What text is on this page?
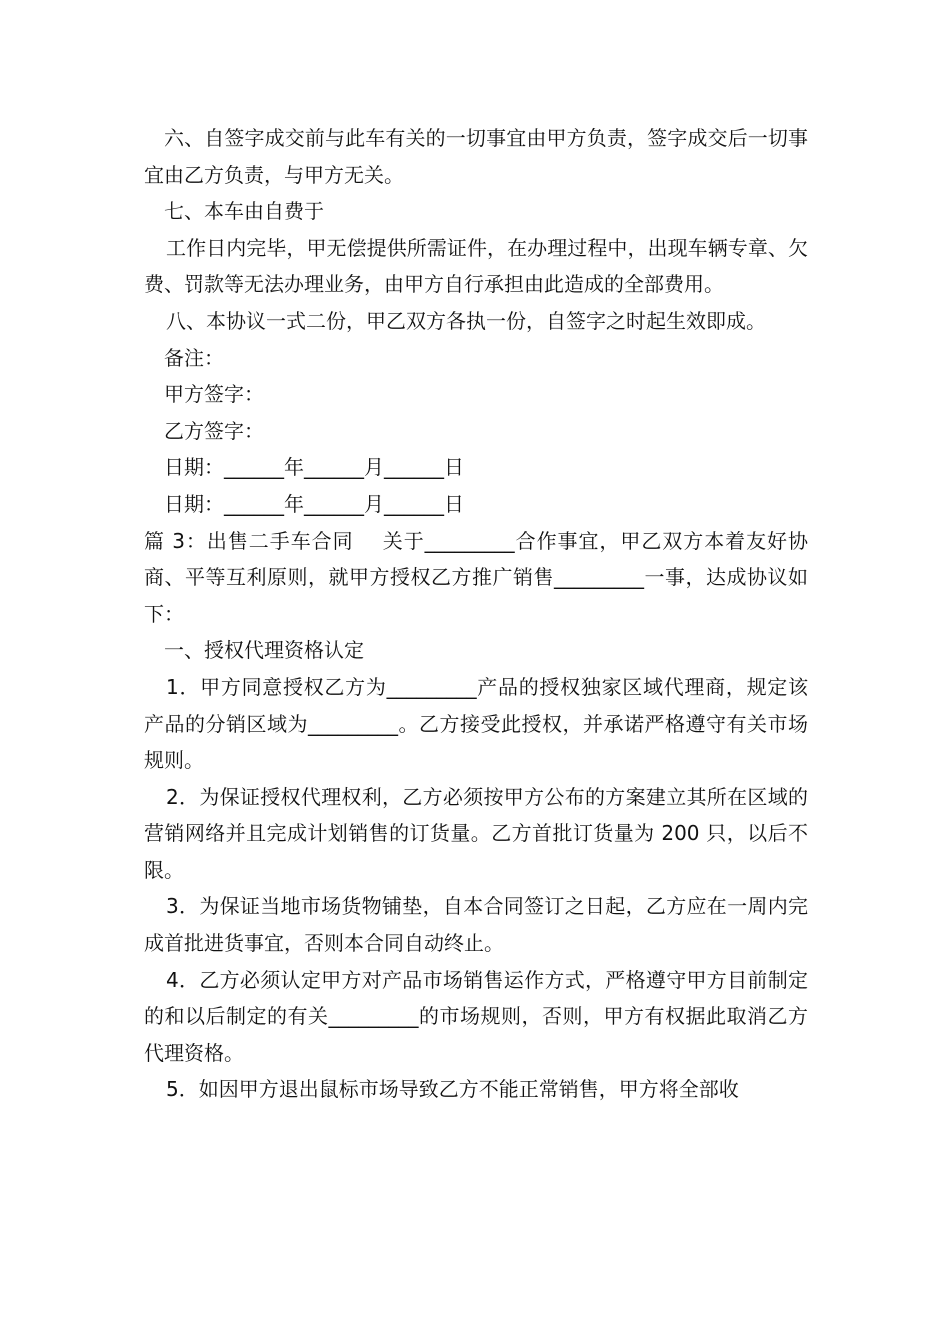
六、自签字成交前与此车有关的一切事宜由甲方负责，签字成交后一切事宜由乙方负责，与甲方无关。

七、本车由自费于

工作日内完毕，甲无偿提供所需证件，在办理过程中，出现车辆专章、欠费、罚款等无法办理业务，由甲方自行承担由此造成的全部费用。

八、本协议一式二份，甲乙双方各执一份，自签字之时起生效即成。

备注：

甲方签字：

乙方签字：

日期：______年______月______日

日期：______年______月______日

篇 3：出售二手车合同    关于_________合作事宜，甲乙双方本着友好协商、平等互利原则，就甲方授权乙方推广销售_________一事，达成协议如下：

一、授权代理资格认定

1．甲方同意授权乙方为_________产品的授权独家区域代理商，规定该产品的分销区域为_________。乙方接受此授权，并承诺严格遵守有关市场规则。

2．为保证授权代理权利，乙方必须按甲方公布的方案建立其所在区域的营销网络并且完成计划销售的订货量。乙方首批订货量为 200 只，以后不限。

3．为保证当地市场货物铺垫，自本合同签订之日起，乙方应在一周内完成首批进货事宜，否则本合同自动终止。

4．乙方必须认定甲方对产品市场销售运作方式，严格遵守甲方目前制定的和以后制定的有关_________的市场规则，否则，甲方有权据此取消乙方代理资格。

5．如因甲方退出鼠标市场导致乙方不能正常销售，甲方将全部收
